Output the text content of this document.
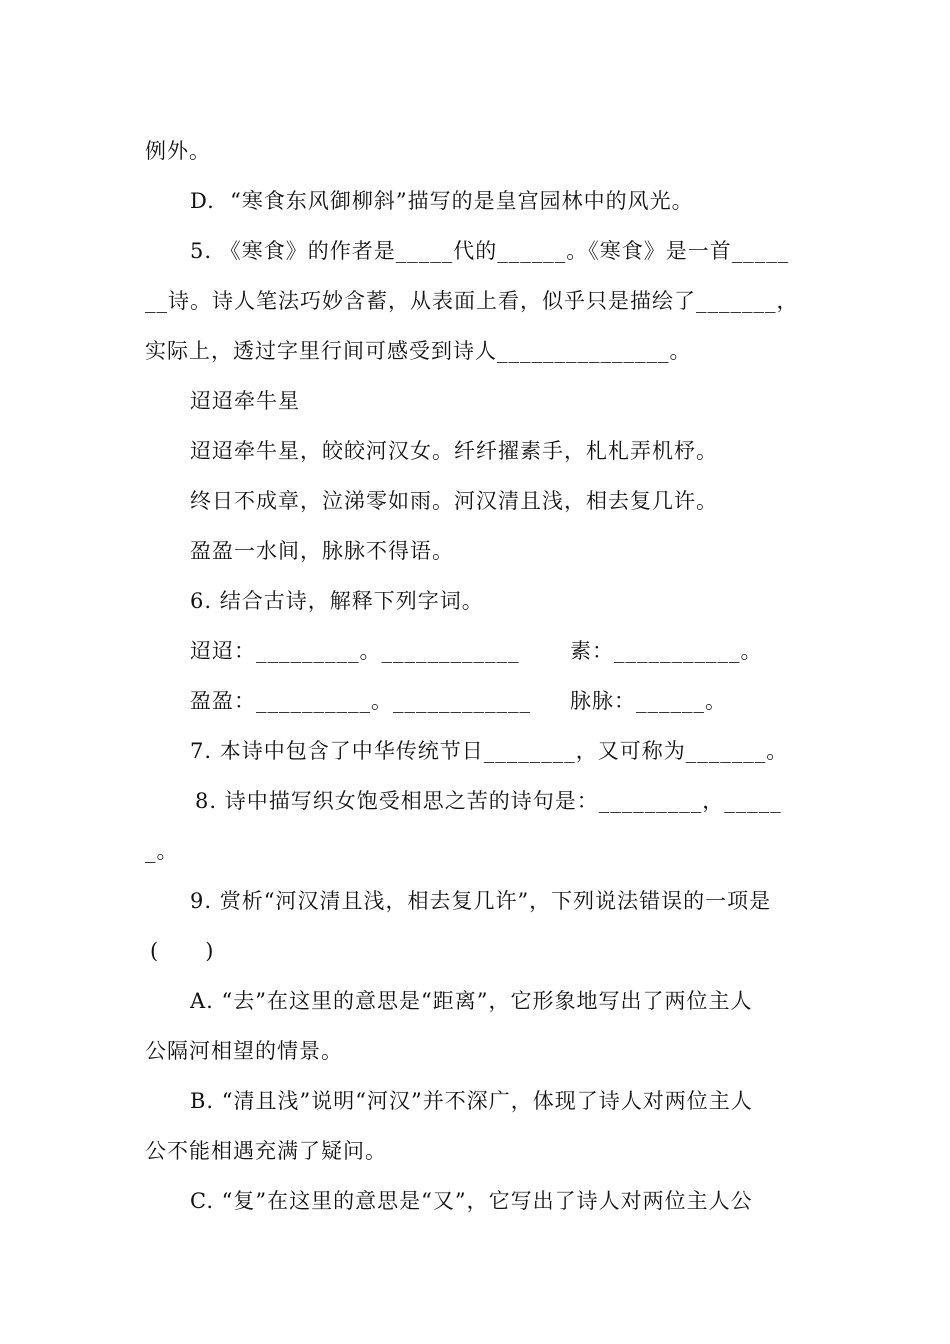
例外。
D.  “寒食东风御柳斜”描写的是皇宫园林中的风光。
5. 《寒食》的作者是_____代的______。《寒食》是一首_____
__诗。诗人笔法巧妙含蓄，从表面上看，似乎只是描绘了_______，
实际上，透过字里行间可感受到诗人_______________。
迢迢牵牛星
迢迢牵牛星，皎皎河汉女。纤纤擢素手，札札弄机杼。
终日不成章，泣涕零如雨。河汉清且浅，相去复几许。
盈盈一水间，脉脉不得语。
6. 结合古诗，解释下列字词。
迢迢：_________。____________ 素：___________。
盈盈：__________。____________ 脉脉：______。
7. 本诗中包含了中华传统节日________，又可称为_______。
8. 诗中描写织女饱受相思之苦的诗句是：_________，_____
_。
9. 赏析“河汉清且浅，相去复几许”，下列说法错误的一项是
(      )
A. “去”在这里的意思是“距离”，它形象地写出了两位主人
公隔河相望的情景。
B. “清且浅”说明“河汉”并不深广，体现了诗人对两位主人
公不能相遇充满了疑问。
C. “复”在这里的意思是“又”，它写出了诗人对两位主人公
